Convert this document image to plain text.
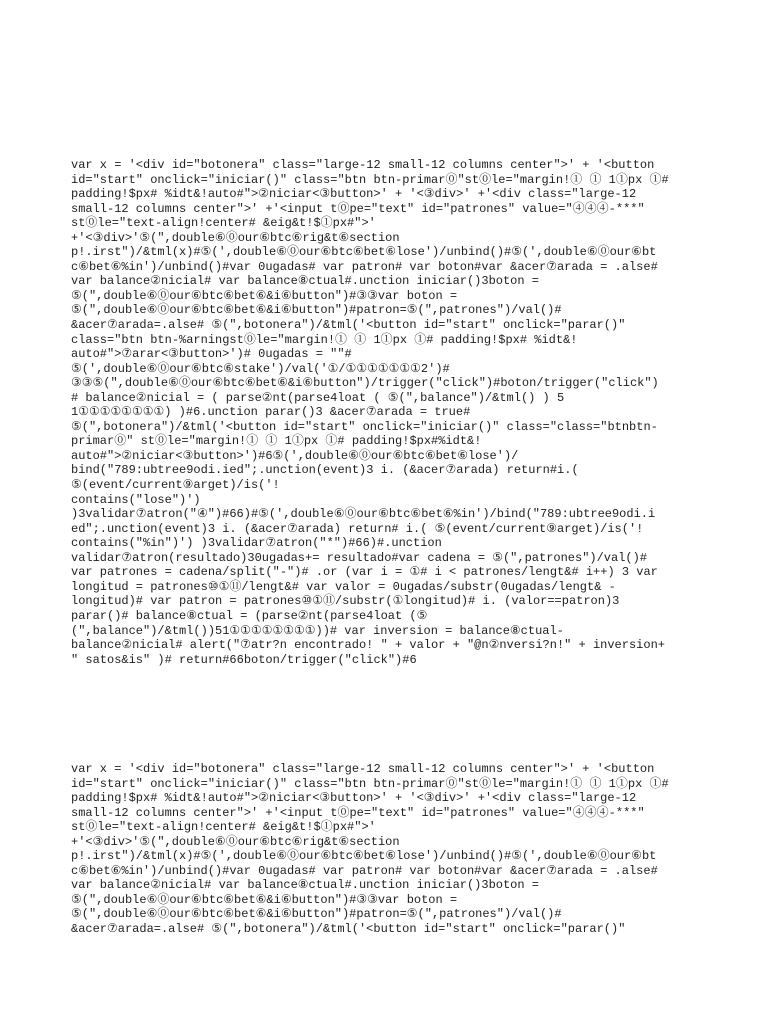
var x = '<div id="botonera" class="large-12 small-12 columns center">' + '<button
id="start" onclick="iniciar()" class="btn btn-primar⓪"st⓪le="margin!① ① 1①px ①#
padding!$px# %idt&!auto#">②niciar<③button>' + '<③div>' +'<div class="large-12
small-12 columns center">' +'<input t⓪pe="text" id="patrones" value="④④④-***"
st⓪le="text-align!center# &eig&t!$①px#">'
+'<③div>'⑤(",double⑥⓪our⑥btc⑥rig&t⑥section
p!.irst")/&tml(x)#⑤(',double⑥⓪our⑥btc⑥bet⑥lose')/unbind()#⑤(',double⑥⓪our⑥bt
c⑥bet⑥%in')/unbind()#var 0ugadas# var patron# var boton#var &acer⑦arada = .alse#
var balance②nicial# var balance⑧ctual#.unction iniciar()3boton =
⑤(",double⑥⓪our⑥btc⑥bet⑥&i⑥button")#③③var boton =
⑤(",double⑥⓪our⑥btc⑥bet⑥&i⑥button")#patron=⑤(",patrones")/val()#
&acer⑦arada=.alse# ⑤(",botonera")/&tml('<button id="start" onclick="parar()"
class="btn btn-%arningst⓪le="margin!① ① 1①px ①# padding!$px# %idt&!
auto#">⑦arar<③button>')# 0ugadas = ""#
⑤(',double⑥⓪our⑥btc⑥stake')/val('①/①①①①①①①2')#
③③⑤(",double⑥⓪our⑥btc⑥bet⑥&i⑥button")/trigger("click")#boton/trigger("click")
# balance②nicial = ( parse②nt(parse4loat ( ⑤(",balance")/&tml() ) 5
1①①①①①①①①) )#6.unction parar()3 &acer⑦arada = true#
⑤(",botonera")/&tml('<button id="start" onclick="iniciar()" class="class="btnbtn-
primar⓪" st⓪le="margin!① ① 1①px ①# padding!$px#%idt&!
auto#">②niciar<③button>')#6⑤(',double⑥⓪our⑥btc⑥bet⑥lose')/
bind("789:ubtree9odi.ied";.unction(event)3 i. (&acer⑦arada) return#i.(
⑤(event/current⑨arget)/is('!
contains("lose")')
)3validar⑦atron("④")#66)#⑤(',double⑥⓪our⑥btc⑥bet⑥%in')/bind("789:ubtree9odi.i
ed";.unction(event)3 i. (&acer⑦arada) return# i.( ⑤(event/current⑨arget)/is('!
contains("%in")') )3validar⑦atron("*")#66)#.unction
validar⑦atron(resultado)30ugadas+= resultado#var cadena = ⑤(",patrones")/val()#
var patrones = cadena/split("-")# .or (var i = ①# i < patrones/lengt&# i++) 3 var
longitud = patrones⑩①⑪/lengt&# var valor = 0ugadas/substr(0ugadas/lengt& -
longitud)# var patron = patrones⑩①⑪/substr(①longitud)# i. (valor==patron)3
parar()# balance⑧ctual = (parse②nt(parse4loat (⑤
(",balance")/&tml())51①①①①①①①①))# var inversion = balance⑧ctual-
balance②nicial# alert("⑦atr?n encontrado! " + valor + "@n②nversi?n!" + inversion+
" satos&is" )# return#66boton/trigger("click")#6
var x = '<div id="botonera" class="large-12 small-12 columns center">' + '<button
id="start" onclick="iniciar()" class="btn btn-primar⓪"st⓪le="margin!① ① 1①px ①#
padding!$px# %idt&!auto#">②niciar<③button>' + '<③div>' +'<div class="large-12
small-12 columns center">' +'<input t⓪pe="text" id="patrones" value="④④④-***"
st⓪le="text-align!center# &eig&t!$①px#">'
+'<③div>'⑤(",double⑥⓪our⑥btc⑥rig&t⑥section
p!.irst")/&tml(x)#⑤(',double⑥⓪our⑥btc⑥bet⑥lose')/unbind()#⑤(',double⑥⓪our⑥bt
c⑥bet⑥%in')/unbind()#var 0ugadas# var patron# var boton#var &acer⑦arada = .alse#
var balance②nicial# var balance⑧ctual#.unction iniciar()3boton =
⑤(",double⑥⓪our⑥btc⑥bet⑥&i⑥button")#③③var boton =
⑤(",double⑥⓪our⑥btc⑥bet⑥&i⑥button")#patron=⑤(",patrones")/val()#
&acer⑦arada=.alse# ⑤(",botonera")/&tml('<button id="start" onclick="parar()"
